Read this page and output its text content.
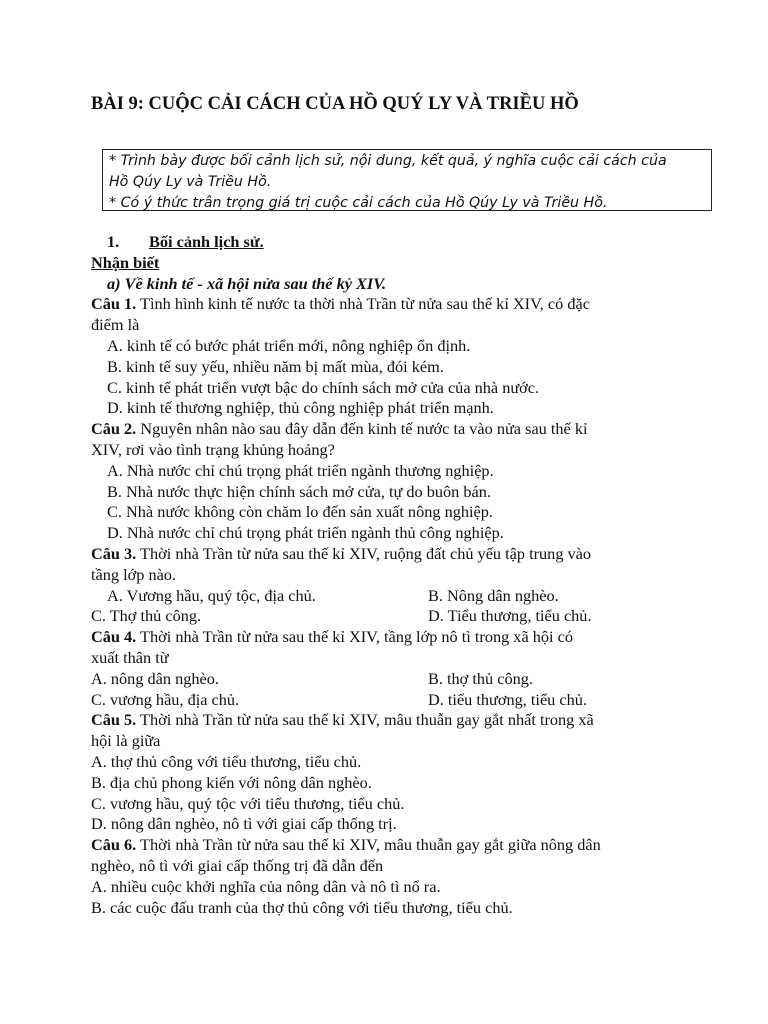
BÀI 9: CUỘC CẢI CÁCH CỦA HỒ QUÝ LY VÀ TRIỀU HỒ
* Trình bày được bối cảnh lịch sử, nội dung, kết quả, ý nghĩa cuộc cải cách của
Hồ Qúy Ly và Triều Hồ.
* Có ý thức trân trọng giá trị cuộc cải cách của Hồ Qúy Ly và Triều Hồ.
1. Bối cảnh lịch sử.
Nhận biết
a) Về kinh tế - xã hội nửa sau thế kỷ XIV.
Câu 1. Tình hình kinh tế nước ta thời nhà Trần từ nửa sau thế kỉ XIV, có đặc
điểm là
A. kinh tế có bước phát triển mới, nông nghiệp ổn định.
B. kinh tế suy yếu, nhiều năm bị mất mùa, đói kém.
C. kinh tế phát triển vượt bậc do chính sách mở cửa của nhà nước.
D. kinh tế thương nghiệp, thủ công nghiệp phát triển mạnh.
Câu 2. Nguyên nhân nào sau đây dẫn đến kinh tế nước ta vào nửa sau thế kỉ
XIV, rơi vào tình trạng khủng hoảng?
A. Nhà nước chỉ chú trọng phát triển ngành thương nghiệp.
B. Nhà nước thực hiện chính sách mở cửa, tự do buôn bán.
C. Nhà nước không còn chăm lo đến sản xuất nông nghiệp.
D. Nhà nước chỉ chú trọng phát triển ngành thủ công nghiệp.
Câu 3. Thời nhà Trần từ nửa sau thế kỉ XIV, ruộng đất chủ yếu tập trung vào
tầng lớp nào.
A. Vương hầu, quý tộc, địa chủ.	B. Nông dân nghèo.
C. Thợ thủ công.	D. Tiểu thương, tiểu chủ.
Câu 4. Thời nhà Trần từ nửa sau thế kỉ XIV, tầng lớp nô tì trong xã hội có
xuất thân từ
A. nông dân nghèo.	B. thợ thủ công.
C. vương hầu, địa chủ.	D. tiểu thương, tiểu chủ.
Câu 5. Thời nhà Trần từ nửa sau thế kỉ XIV, mâu thuẫn gay gắt nhất trong xã
hội là giữa
A. thợ thủ công với tiểu thương, tiểu chủ.
B. địa chủ phong kiến với nông dân nghèo.
C. vương hầu, quý tộc với tiểu thương, tiểu chủ.
D. nông dân nghèo, nô tì với giai cấp thống trị.
Câu 6. Thời nhà Trần từ nửa sau thế kỉ XIV, mâu thuẫn gay gắt giữa nông dân
nghèo, nô tì với giai cấp thống trị đã dẫn đến
A. nhiều cuộc khởi nghĩa của nông dân và nô tì nổ ra.
B. các cuộc đấu tranh của thợ thủ công với tiểu thương, tiểu chủ.
